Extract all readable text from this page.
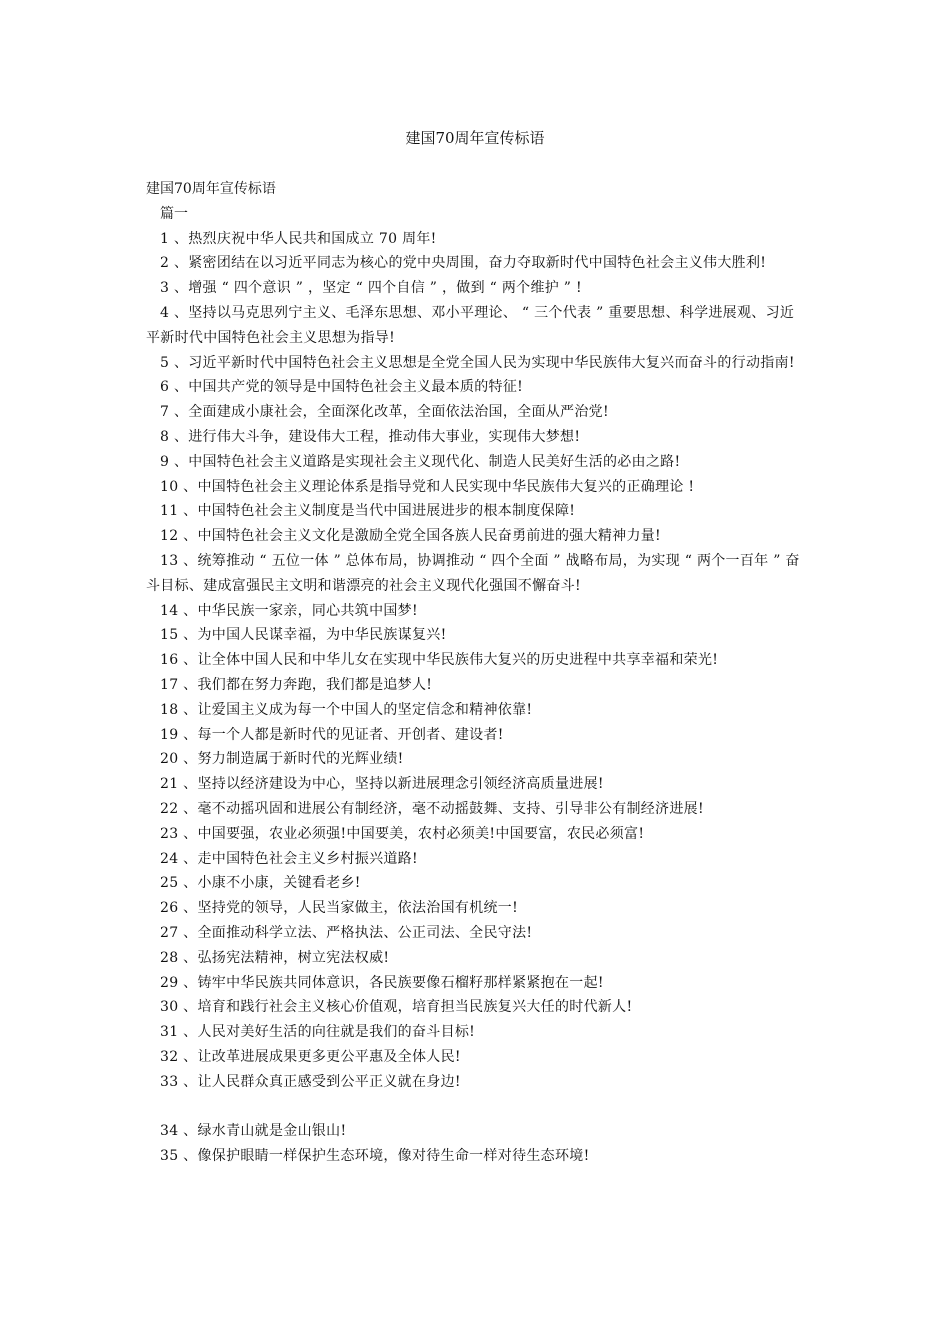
建国70周年宣传标语

建国70周年宣传标语

篇一

1 、热烈庆祝中华人民共和国成立 70 周年!

2 、紧密团结在以习近平同志为核心的党中央周围，奋力夺取新时代中国特色社会主义伟大胜利!

3 、增强 “ 四个意识 ” ，坚定 “ 四个自信 ” ，做到 “ 两个维护 ” !

4 、坚持以马克思列宁主义、毛泽东思想、邓小平理论、 “ 三个代表 ” 重要思想、科学进展观、习近平新时代中国特色社会主义思想为指导!

5 、习近平新时代中国特色社会主义思想是全党全国人民为实现中华民族伟大复兴而奋斗的行动指南!

6 、中国共产党的领导是中国特色社会主义最本质的特征!

7 、全面建成小康社会，全面深化改革，全面依法治国，全面从严治党!

8 、进行伟大斗争，建设伟大工程，推动伟大事业，实现伟大梦想!

9 、中国特色社会主义道路是实现社会主义现代化、制造人民美好生活的必由之路!

10 、中国特色社会主义理论体系是指导党和人民实现中华民族伟大复兴的正确理论 !

11 、中国特色社会主义制度是当代中国进展进步的根本制度保障!

12 、中国特色社会主义文化是激励全党全国各族人民奋勇前进的强大精神力量!

13 、统筹推动 “ 五位一体 ” 总体布局，协调推动 “ 四个全面 ” 战略布局，为实现 “ 两个一百年 ” 奋斗目标、建成富强民主文明和谐漂亮的社会主义现代化强国不懈奋斗!

14 、中华民族一家亲，同心共筑中国梦!

15 、为中国人民谋幸福，为中华民族谋复兴!

16 、让全体中国人民和中华儿女在实现中华民族伟大复兴的历史进程中共享幸福和荣光!

17 、我们都在努力奔跑，我们都是追梦人!

18 、让爱国主义成为每一个中国人的坚定信念和精神依靠!

19 、每一个人都是新时代的见证者、开创者、建设者!

20 、努力制造属于新时代的光辉业绩!

21 、坚持以经济建设为中心，坚持以新进展理念引领经济高质量进展!

22 、毫不动摇巩固和进展公有制经济，毫不动摇鼓舞、支持、引导非公有制经济进展!

23 、中国要强，农业必须强!中国要美，农村必须美!中国要富，农民必须富!

24 、走中国特色社会主义乡村振兴道路!

25 、小康不小康，关键看老乡!

26 、坚持党的领导，人民当家做主，依法治国有机统一!

27 、全面推动科学立法、严格执法、公正司法、全民守法!

28 、弘扬宪法精神，树立宪法权威!

29 、铸牢中华民族共同体意识，各民族要像石榴籽那样紧紧抱在一起!

30 、培育和践行社会主义核心价值观，培育担当民族复兴大任的时代新人!

31 、人民对美好生活的向往就是我们的奋斗目标!

32 、让改革进展成果更多更公平惠及全体人民!

33 、让人民群众真正感受到公平正义就在身边!

34 、绿水青山就是金山银山!

35 、像保护眼睛一样保护生态环境，像对待生命一样对待生态环境!
